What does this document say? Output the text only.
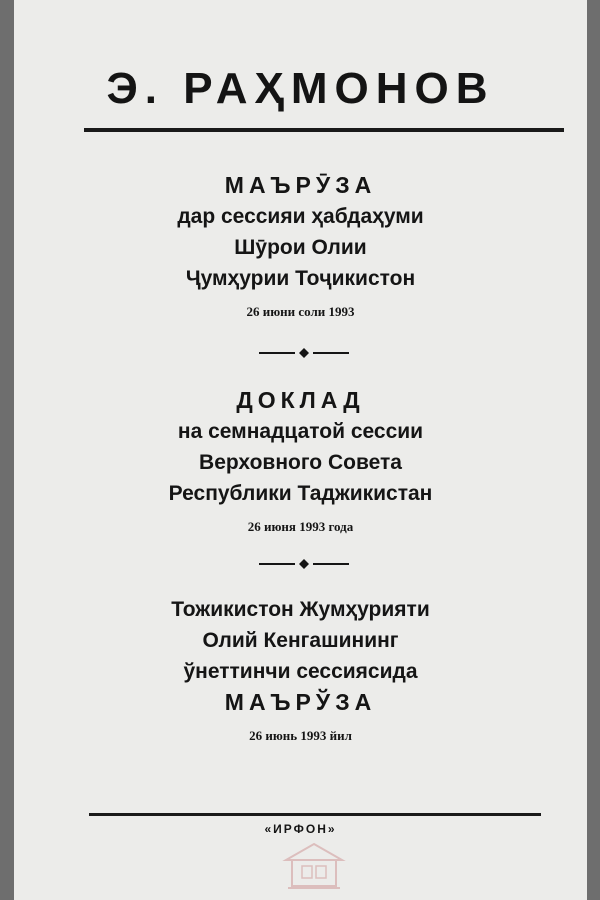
Э. РАҲМОНОВ
МАЪРӮЗА
дар сессияи ҳабдаҳуми
Шӯрои Олии
Ҷумҳурии Тоҷикистон
26 июни соли 1993
ДОКЛАД
на семнадцатой сессии
Верховного Совета
Республики Таджикистан
26 июня 1993 года
Тожикистон Жумҳурияти
Олий Кенгашининг
ўнеттинчи сессиясида
МАЪРЎЗА
26 июнь 1993 йил
«ИРФОН»
